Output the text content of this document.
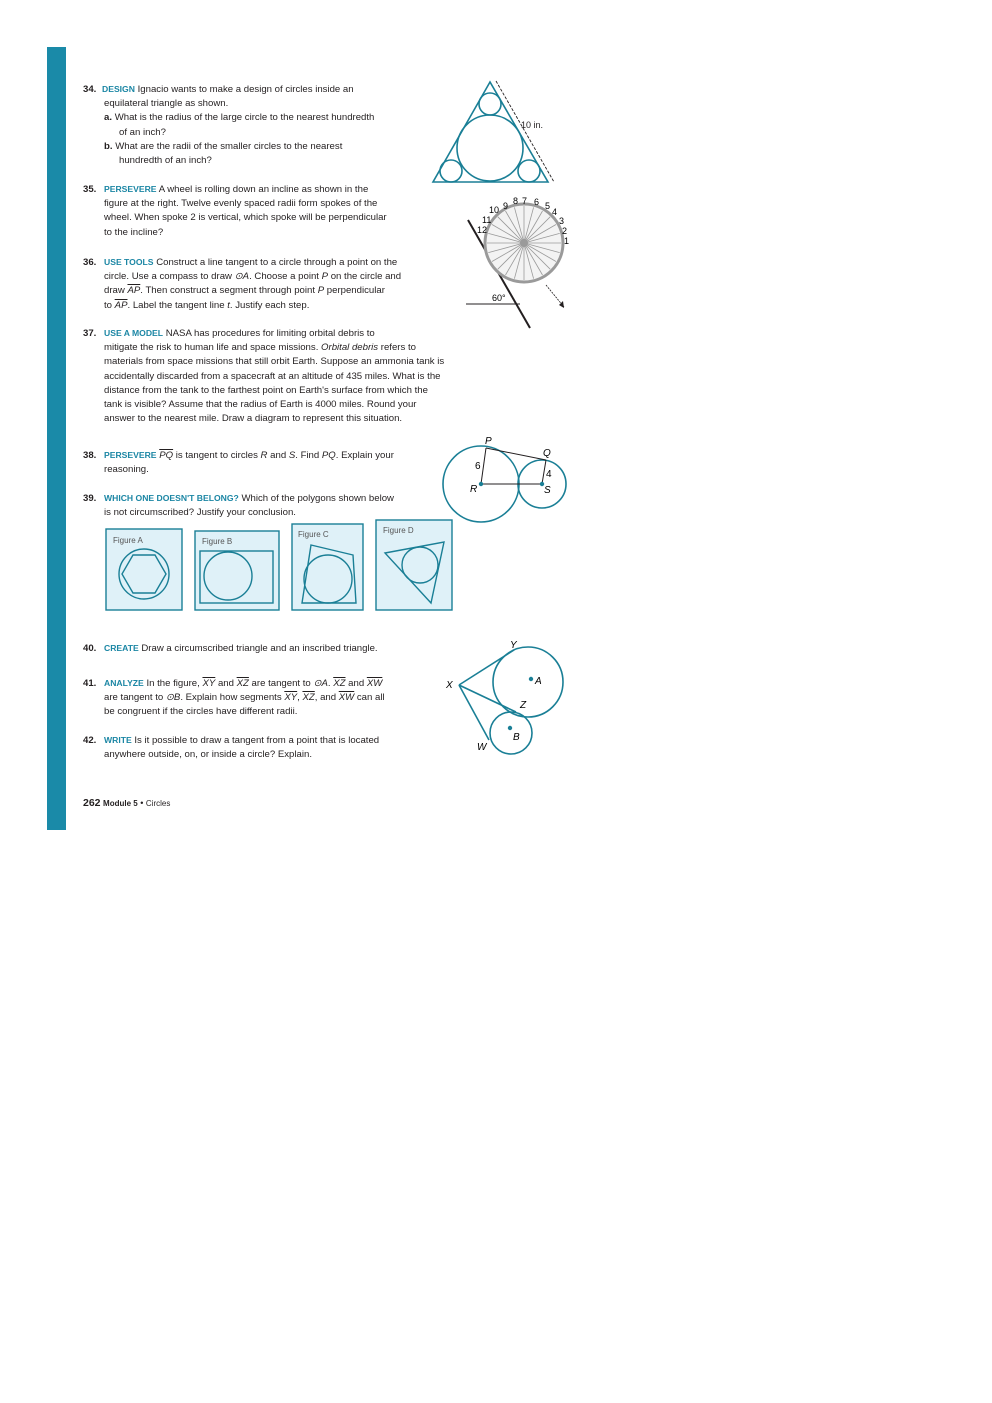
34. DESIGN Ignacio wants to make a design of circles inside an
equilateral triangle as shown.
a. What is the radius of the large circle to the nearest hundredth
of an inch?
b. What are the radii of the smaller circles to the nearest
hundredth of an inch?
35. PERSEVERE A wheel is rolling down an incline as shown in the
figure at the right. Twelve evenly spaced radii form spokes of the
wheel. When spoke 2 is vertical, which spoke will be perpendicular
to the incline?
36. USE TOOLS Construct a line tangent to a circle through a point on the
circle. Use a compass to draw ⊙A. Choose a point P on the circle and
draw $\overline{AP}$. Then construct a segment through point P perpendicular
to $\overline{AP}$. Label the tangent line t. Justify each step.
37. USE A MODEL NASA has procedures for limiting orbital debris to
mitigate the risk to human life and space missions. Orbital debris refers to
materials from space missions that still orbit Earth. Suppose an ammonia tank is
accidentally discarded from a spacecraft at an altitude of 435 miles. What is the
distance from the tank to the farthest point on Earth's surface from which the
tank is visible? Assume that the radius of Earth is 4000 miles. Round your
answer to the nearest mile. Draw a diagram to represent this situation.
38. PERSEVERE $\overline{PQ}$ is tangent to circles R and S. Find PQ. Explain your
reasoning.
39. WHICH ONE DOESN'T BELONG? Which of the polygons shown below
is not circumscribed? Justify your conclusion.
40. CREATE Draw a circumscribed triangle and an inscribed triangle.
41. ANALYZE In the figure, $\overline{XY}$ and $\overline{XZ}$ are tangent to ⊙A. $\overline{XZ}$ and $\overline{XW}$
are tangent to ⊙B. Explain how segments $\overline{XY}$, $\overline{XZ}$, and $\overline{XW}$ can all
be congruent if the circles have different radii.
42. WRITE Is it possible to draw a tangent from a point that is located
anywhere outside, on, or inside a circle? Explain.
10 in.
10 9 8 7 6 5
4
3
2
1
11
12
60°
P
Q
R	S
6
4
Figure A	Figure B
Figure C	Figure D
X
Y
A
Z
B
W
262 Module 5 • Circles
